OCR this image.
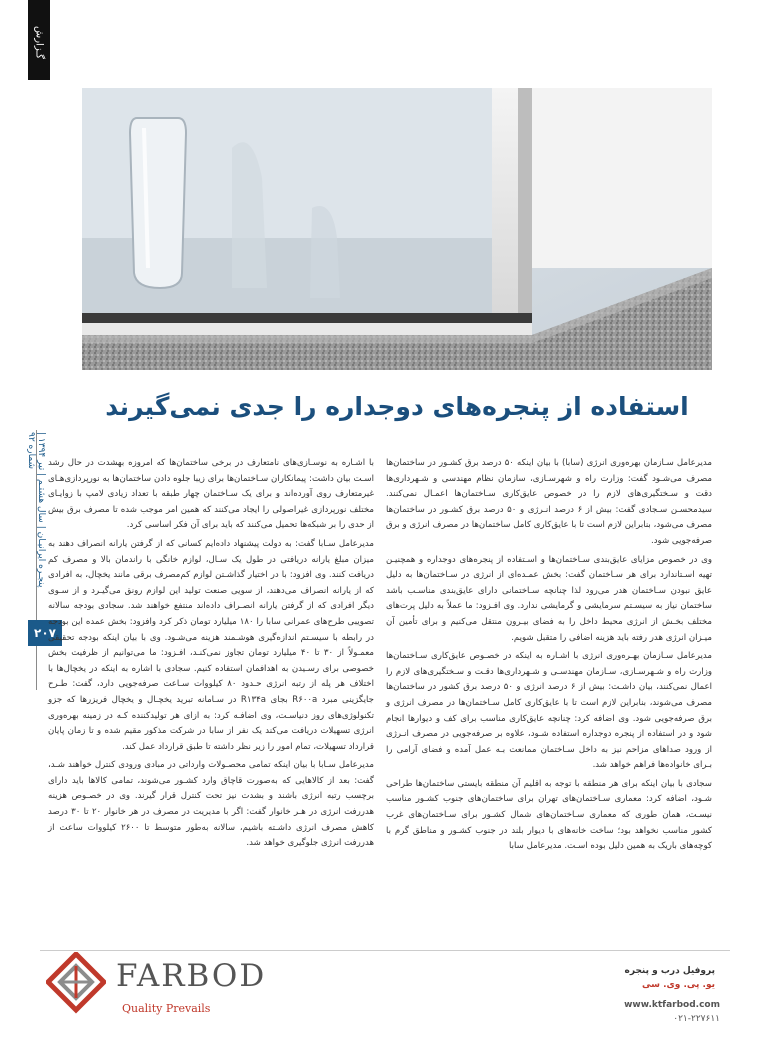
گـزارش
پنجـره ایرانیـان | سال هشتـم | تیر ۱۳۹۴ | شماره ۹۲
۲۰۷
استفاده از پنجره‌های دوجداره را جدی نمی‌گیرند

مدیرعامل سـازمان بهره‌وری انرژی (سابا) با بیان اینکه ۵۰ درصد برق کشـور در ساختمان‌ها مصرف می‌شـود گفت: وزارت راه و شهرسـازی، سازمان نظام مهندسی و شـهرداری‌ها دقت و سـختگیری‌های لازم را در خصوص عایق‌کاری سـاختمان‌ها اعمـال نمی‌کنند. سیدمحسـن سـجادی گفت: بیش از ۶ درصد انـرژی و ۵۰ درصد برق کشـور در ساختمان‌ها مصرف می‌شود، بنابراین لازم است تا با عایق‌کاری کامل ساختمان‌ها در مصرف انرژی و برق صرفه‌جویی شود.

وی در خصوص مزایای عایق‌بندی سـاختمان‌ها و اسـتفاده از پنجره‌های دوجداره و همچنیـن تهیه اسـتاندارد برای هر سـاختمان گفت: بخش عمـده‌ای از انرژی در سـاختمان‌ها به دلیل عایق نبودن سـاختمان هدر می‌رود لذا چنانچه سـاختمانی دارای عایق‌بندی مناسـب باشد ساختمان نیاز به سیسـتم سرمایشی و گرمایشی ندارد. وی افـزود: ما عملاً به دلیل پرت‌های مختلف بخـش از انرژی محیط داخل را به فضای بیـرون منتقل می‌کنیم و برای تأمین آن میـزان انرژی هدر رفته باید هزینه اضافی را متقبل شویم.

مدیرعامل سـازمان بهـره‌وری انرژی با اشـاره به اینکه در خصـوص عایق‌کاری سـاختمان‌ها وزارت راه و شـهرسـازی، سـازمان مهندسـی و شـهرداری‌ها دقـت و سـختگیری‌های لازم را اعمال نمی‌کنند، بیان داشـت: بیش از ۶ درصد انرژی و ۵۰ درصد برق کشور در ساختمان‌ها مصرف می‌شوند، بنابراین لازم است تا با عایق‌کاری کامل سـاختمان‌ها در مصرف انرژی و برق صرفه‌جویی شود. وی اضافه کرد: چنانچه عایق‌کاری مناسب برای کف و دیوارها انجام شود و در استفاده از پنجره دوجداره استفاده شـود، علاوه بر صرفه‌جویی در مصرف انـرژی از ورود صداهای مزاحم نیز به داخل سـاختمان ممانعت بـه عمل آمده و فضای آرامی را بـرای خانواده‌ها فراهم خواهد شد.

سجادی با بیان اینکه برای هر منطقه با توجه به اقلیم آن منطقه بایستی ساختمان‌ها طراحی شـود، اضافه کرد: معماری سـاختمان‌های تهران برای ساختمان‌های جنوب کشـور مناسب نیسـت، همان طوری که معماری سـاختمان‌های شمال کشـور برای سـاختمان‌های غرب کشور مناسب نخواهد بود؛ ساخت خانه‌های با دیوار بلند در جنوب کشـور و مناطق گرم با کوچه‌های باریک به همین دلیل بوده اسـت. مدیرعامل سابا

با اشـاره به نوسـازی‌های نامتعارف در برخی ساختمان‌ها که امروزه بهشدت در حال رشد اسـت بیان داشت: پیمانکاران سـاختمان‌ها برای زیبا جلوه دادن ساختمان‌ها به نورپردازی‌هـای غیرمتعارف روی آورده‌اند و برای یک سـاختمان چهار طبقه با تعداد زیادی لامپ با زوایـای مختلف نورپردازی غیراصولی را ایجاد می‌کنند که همین امر موجب شده تا مصرف برق بیش از حدی را بر شبکه‌ها تحمیل می‌کنند که باید برای آن فکر اساسی کرد.

مدیرعامل سـابا گفت: به دولت پیشنهاد داده‌ایم کسانی که از گرفتن یارانه انصراف دهند به میزان مبلغ یارانه دریافتی در طول یک سـال، لوازم خانگی با راندمان بالا و مصرف کم دریافت کنند. وی افزود: با در اختیار گذاشـتن لوازم کم‌مصرف برقی مانند یخچال، به افرادی که از یارانه انصراف می‌دهند، از سویی صنعت تولید این لوازم رونق می‌گیـرد و از سـوی دیگر افرادی که از گرفتن یارانه انصـراف داده‌اند منتفع خواهند شد. سجادی بودجه سالانه تصویبی طرح‌های عمرانی سابا را ۱۸۰ میلیارد تومان ذکر کرد وافزود: بخش عمده این بودجه در رابطه با سیسـتم اندازه‌گیری هوشـمند هزینه می‌شـود. وی با بیان اینکه بودجه تحقیقی معمـولاً از ۳۰ تا ۴۰ میلیارد تومان تجاوز نمی‌کنـد، افـزود: ما می‌توانیم از ظرفیت بخش خصوصی برای رسـیدن به اهدافمان استفاده کنیم. سجادی با اشاره به اینکه در یخچال‌ها با اختلاف هر پله از رتبه انرژی حـدود ۸۰ کیلووات سـاعت صرفه‌جویی دارد، گفت: طـرح جایگزینی مبرد R۶۰۰a بجای R۱۳۴a در سـامانه تبرید یخچـال و یخچال فریزرها که جزو تکنولوژی‌های روز دنیاسـت، وی اضافـه کرد: به ازای هر تولید‌کننده کـه در زمینه بهره‌وری انرژی تسهیلات دریافت می‌کند یک نفر از سابا در شرکت مذکور مقیم شده و تا زمان پایان قرارداد تسهیلات، تمام امور را زیر نظر داشته تا طبق قرارداد عمل کند.

مدیرعامل سـابا با بیان اینکه تمامی محصـولات وارداتی در مبادی ورودی کنترل خواهند شـد، گفت: بعد از کالاهایی که به‌صورت قاچاق وارد کشـور می‌شوند، تمامی کالاها باید دارای برچسب رتبه انرژی باشند و بشدت نیز تحت کنترل قرار گیرند. وی در خصـوص هزینه هدررفت انرژی در هـر خانوار گفت: اگر با مدیریت در مصرف در هر خانوار ۲۰ تا ۳۰ درصد کاهش مصرف انرژی داشـته باشیم، سالانه به‌طور متوسط تا ۲۶۰۰ کیلووات ساعت از هدررفت انرژی جلوگیری خواهد شد.

FARBOD
Quality Prevails
پروفیل درب و پنجره
یو. پی. وی. سی
www.ktfarbod.com
۰۲۱-۲۲۷۶۱۱
